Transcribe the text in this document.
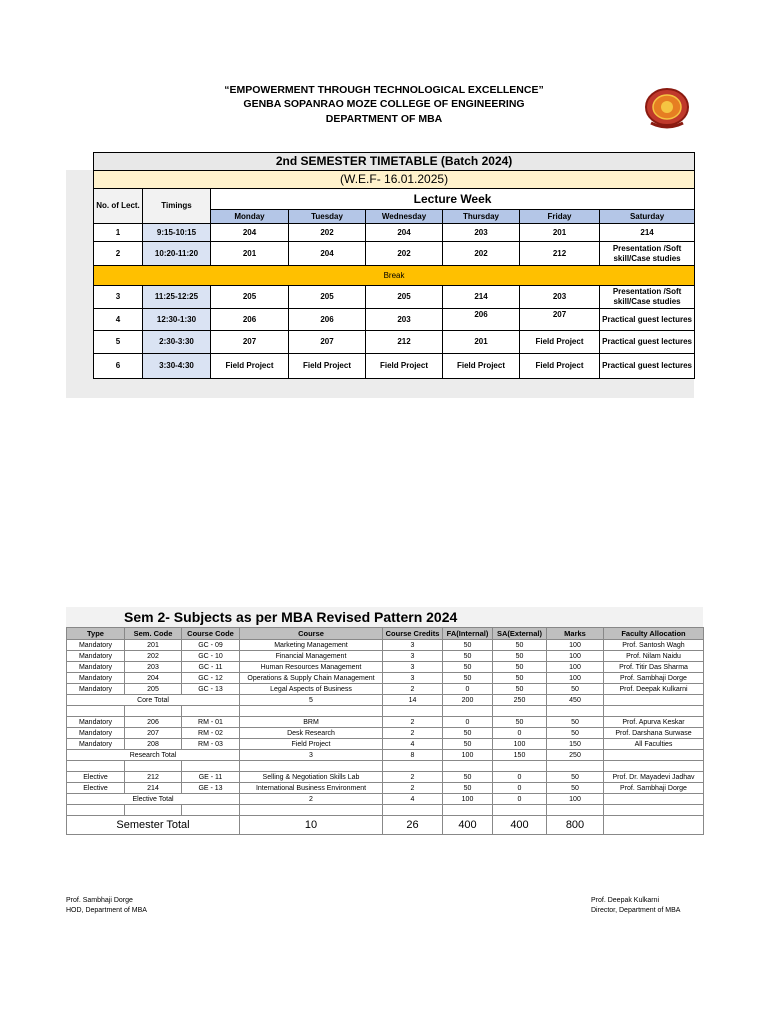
“EMPOWERMENT THROUGH TECHNOLOGICAL EXCELLENCE”
GENBA SOPANRAO MOZE COLLEGE OF ENGINEERING
DEPARTMENT OF MBA
2nd SEMESTER TIMETABLE (Batch 2024)							
(W.E.F- 16.01.2025)							
No. of Lect.	Timings	Lecture Week					
		Monday	Tuesday	Wednesday	Thursday	Friday	Saturday
1	9:15-10:15	204	202	204	203	201	214
2	10:20-11:20	201	204	202	202	212	Presentation /Soft skill/Case studies
Break							
3	11:25-12:25	205	205	205	214	203	Presentation /Soft skill/Case studies
4	12:30-1:30	206	206	203	206	207	Practical guest lectures
5	2:30-3:30	207	207	212	201	Field Project	Practical guest lectures
6	3:30-4:30	Field Project	Field Project	Field Project	Field Project	Field Project	Practical guest lectures
Sem 2- Subjects as per MBA Revised Pattern 2024
Type	Sem. Code	Course Code	Course	Course Credits	FA(Internal)	SA(External)	Marks	Faculty Allocation
Mandatory	201	GC - 09	Marketing Management	3	50	50	100	Prof. Santosh Wagh
Mandatory	202	GC - 10	Financial Management	3	50	50	100	Prof. Nilam Naidu
Mandatory	203	GC - 11	Human Resources Management	3	50	50	100	Prof. Titir Das Sharma
Mandatory	204	GC - 12	Operations & Supply Chain Management	3	50	50	100	Prof. Sambhaji Dorge
Mandatory	205	GC - 13	Legal Aspects of Business	2	0	50	50	Prof. Deepak Kulkarni
Core Total			5	14	200	250	450	

Mandatory	206	RM - 01	BRM	2	0	50	50	Prof. Apurva Keskar
Mandatory	207	RM - 02	Desk Research	2	50	0	50	Prof. Darshana Surwase
Mandatory	208	RM - 03	Field Project	4	50	100	150	All Faculties
Research Total			3	8	100	150	250	

Elective	212	GE - 11	Selling & Negotiation Skills Lab	2	50	0	50	Prof. Dr. Mayadevi Jadhav
Elective	214	GE - 13	International Business Environment	2	50	0	50	Prof. Sambhaji Dorge
Elective Total			2	4	100	0	100	

Semester Total			10	26	400	400	800	
Prof. Sambhaji Dorge
HOD, Department of MBA
Prof. Deepak Kulkarni
Director, Department of MBA
